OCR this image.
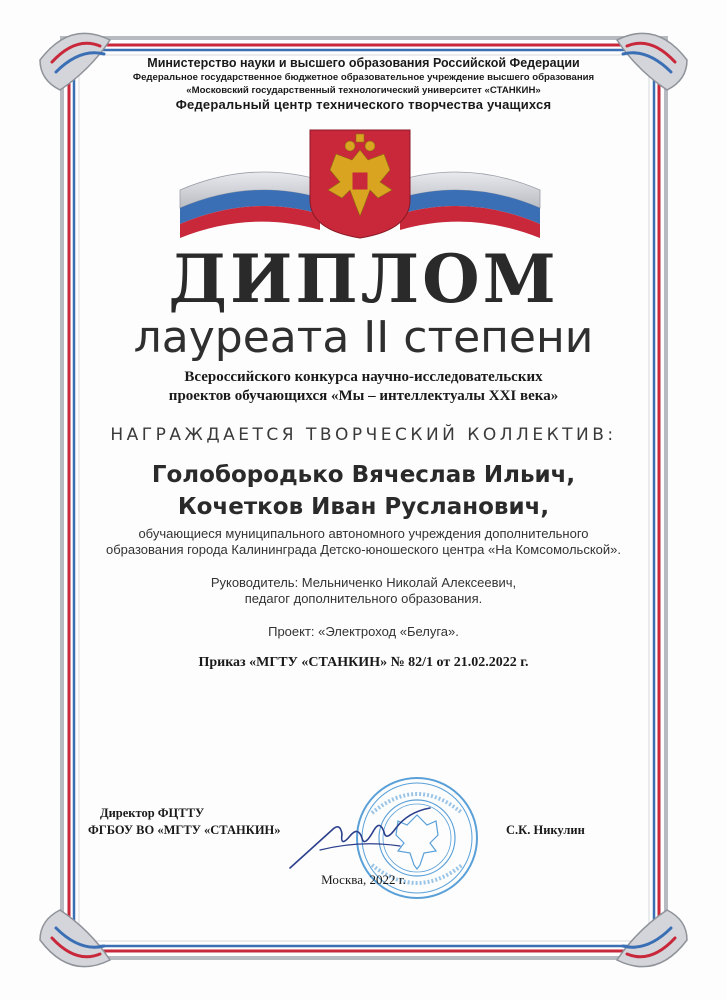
Министерство науки и высшего образования Российской Федерации
Федеральное государственное бюджетное образовательное учреждение высшего образования
«Московский государственный технологический университет «СТАНКИН»
Федеральный центр технического творчества учащихся
ДИПЛОМ
лауреата II степени
Всероссийского конкурса научно-исследовательских
проектов обучающихся «Мы – интеллектуалы XXI века»
НАГРАЖДАЕТСЯ ТВОРЧЕСКИЙ КОЛЛЕКТИВ:
Голобородько Вячеслав Ильич,
Кочетков Иван Русланович,
обучающиеся муниципального автономного учреждения дополнительного
образования города Калининграда Детско-юношеского центра «На Комсомольской».
Руководитель: Мельниченко Николай Алексеевич,
педагог дополнительного образования.
Проект: «Электроход «Белуга».
Приказ «МГТУ «СТАНКИН» № 82/1 от 21.02.2022 г.
Директор ФЦТТУ
ФГБОУ ВО «МГТУ «СТАНКИН»	С.К. Никулин
Москва, 2022 г.
